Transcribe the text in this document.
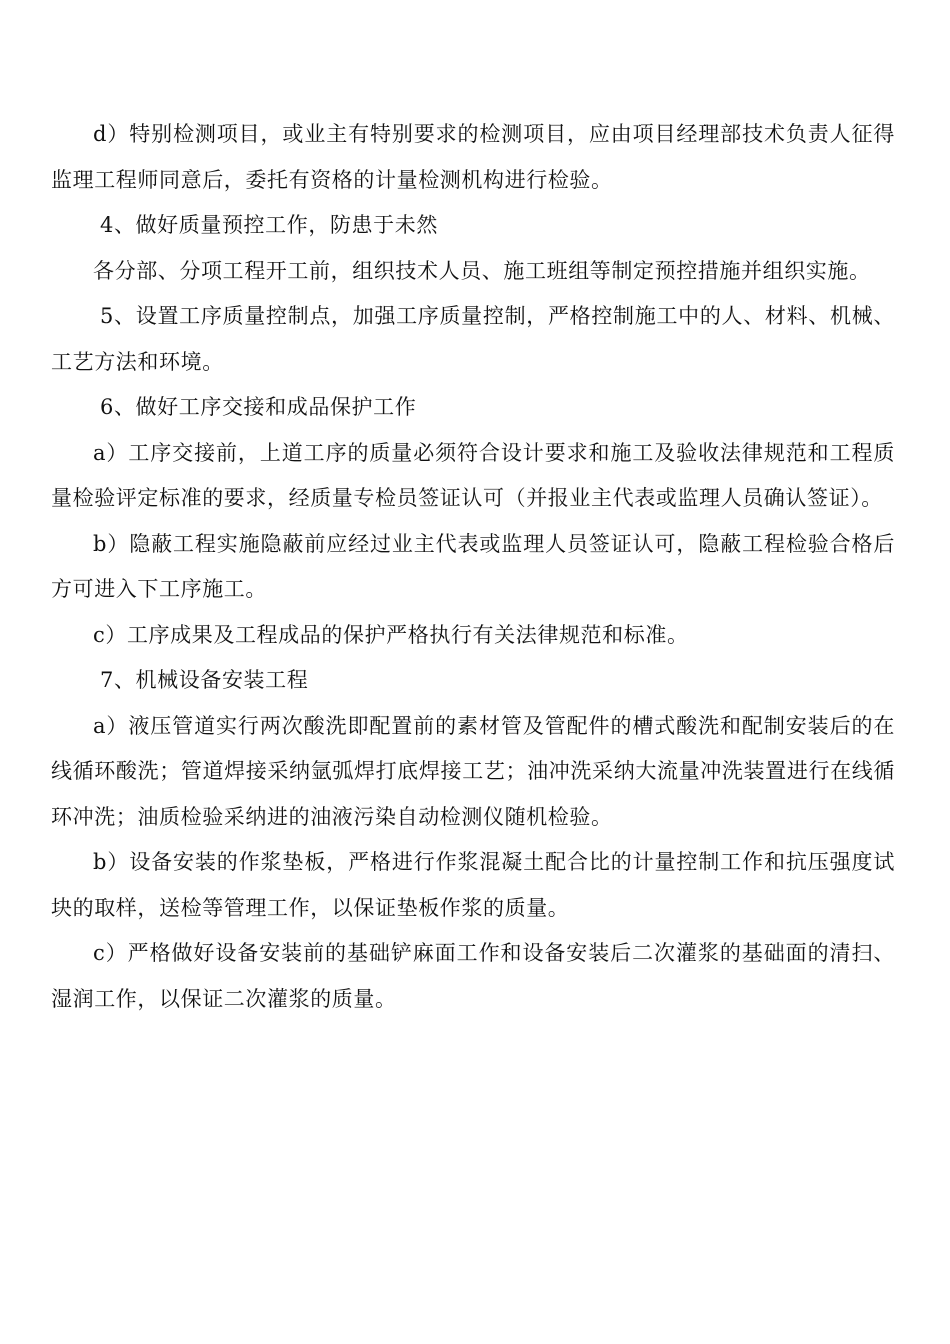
d）特别检测项目，或业主有特别要求的检测项目，应由项目经理部技术负责人征得监理工程师同意后，委托有资格的计量检测机构进行检验。

4、做好质量预控工作，防患于未然

各分部、分项工程开工前，组织技术人员、施工班组等制定预控措施并组织实施。

5、设置工序质量控制点，加强工序质量控制，严格控制施工中的人、材料、机械、工艺方法和环境。

6、做好工序交接和成品保护工作

a）工序交接前，上道工序的质量必须符合设计要求和施工及验收法律规范和工程质量检验评定标准的要求，经质量专检员签证认可（并报业主代表或监理人员确认签证）。

b）隐蔽工程实施隐蔽前应经过业主代表或监理人员签证认可，隐蔽工程检验合格后方可进入下工序施工。

c）工序成果及工程成品的保护严格执行有关法律规范和标准。

7、机械设备安装工程

a）液压管道实行两次酸洗即配置前的素材管及管配件的槽式酸洗和配制安装后的在线循环酸洗；管道焊接采纳氩弧焊打底焊接工艺；油冲洗采纳大流量冲洗装置进行在线循环冲洗；油质检验采纳进的油液污染自动检测仪随机检验。

b）设备安装的作浆垫板，严格进行作浆混凝土配合比的计量控制工作和抗压强度试块的取样，送检等管理工作，以保证垫板作浆的质量。

c）严格做好设备安装前的基础铲麻面工作和设备安装后二次灌浆的基础面的清扫、湿润工作，以保证二次灌浆的质量。
